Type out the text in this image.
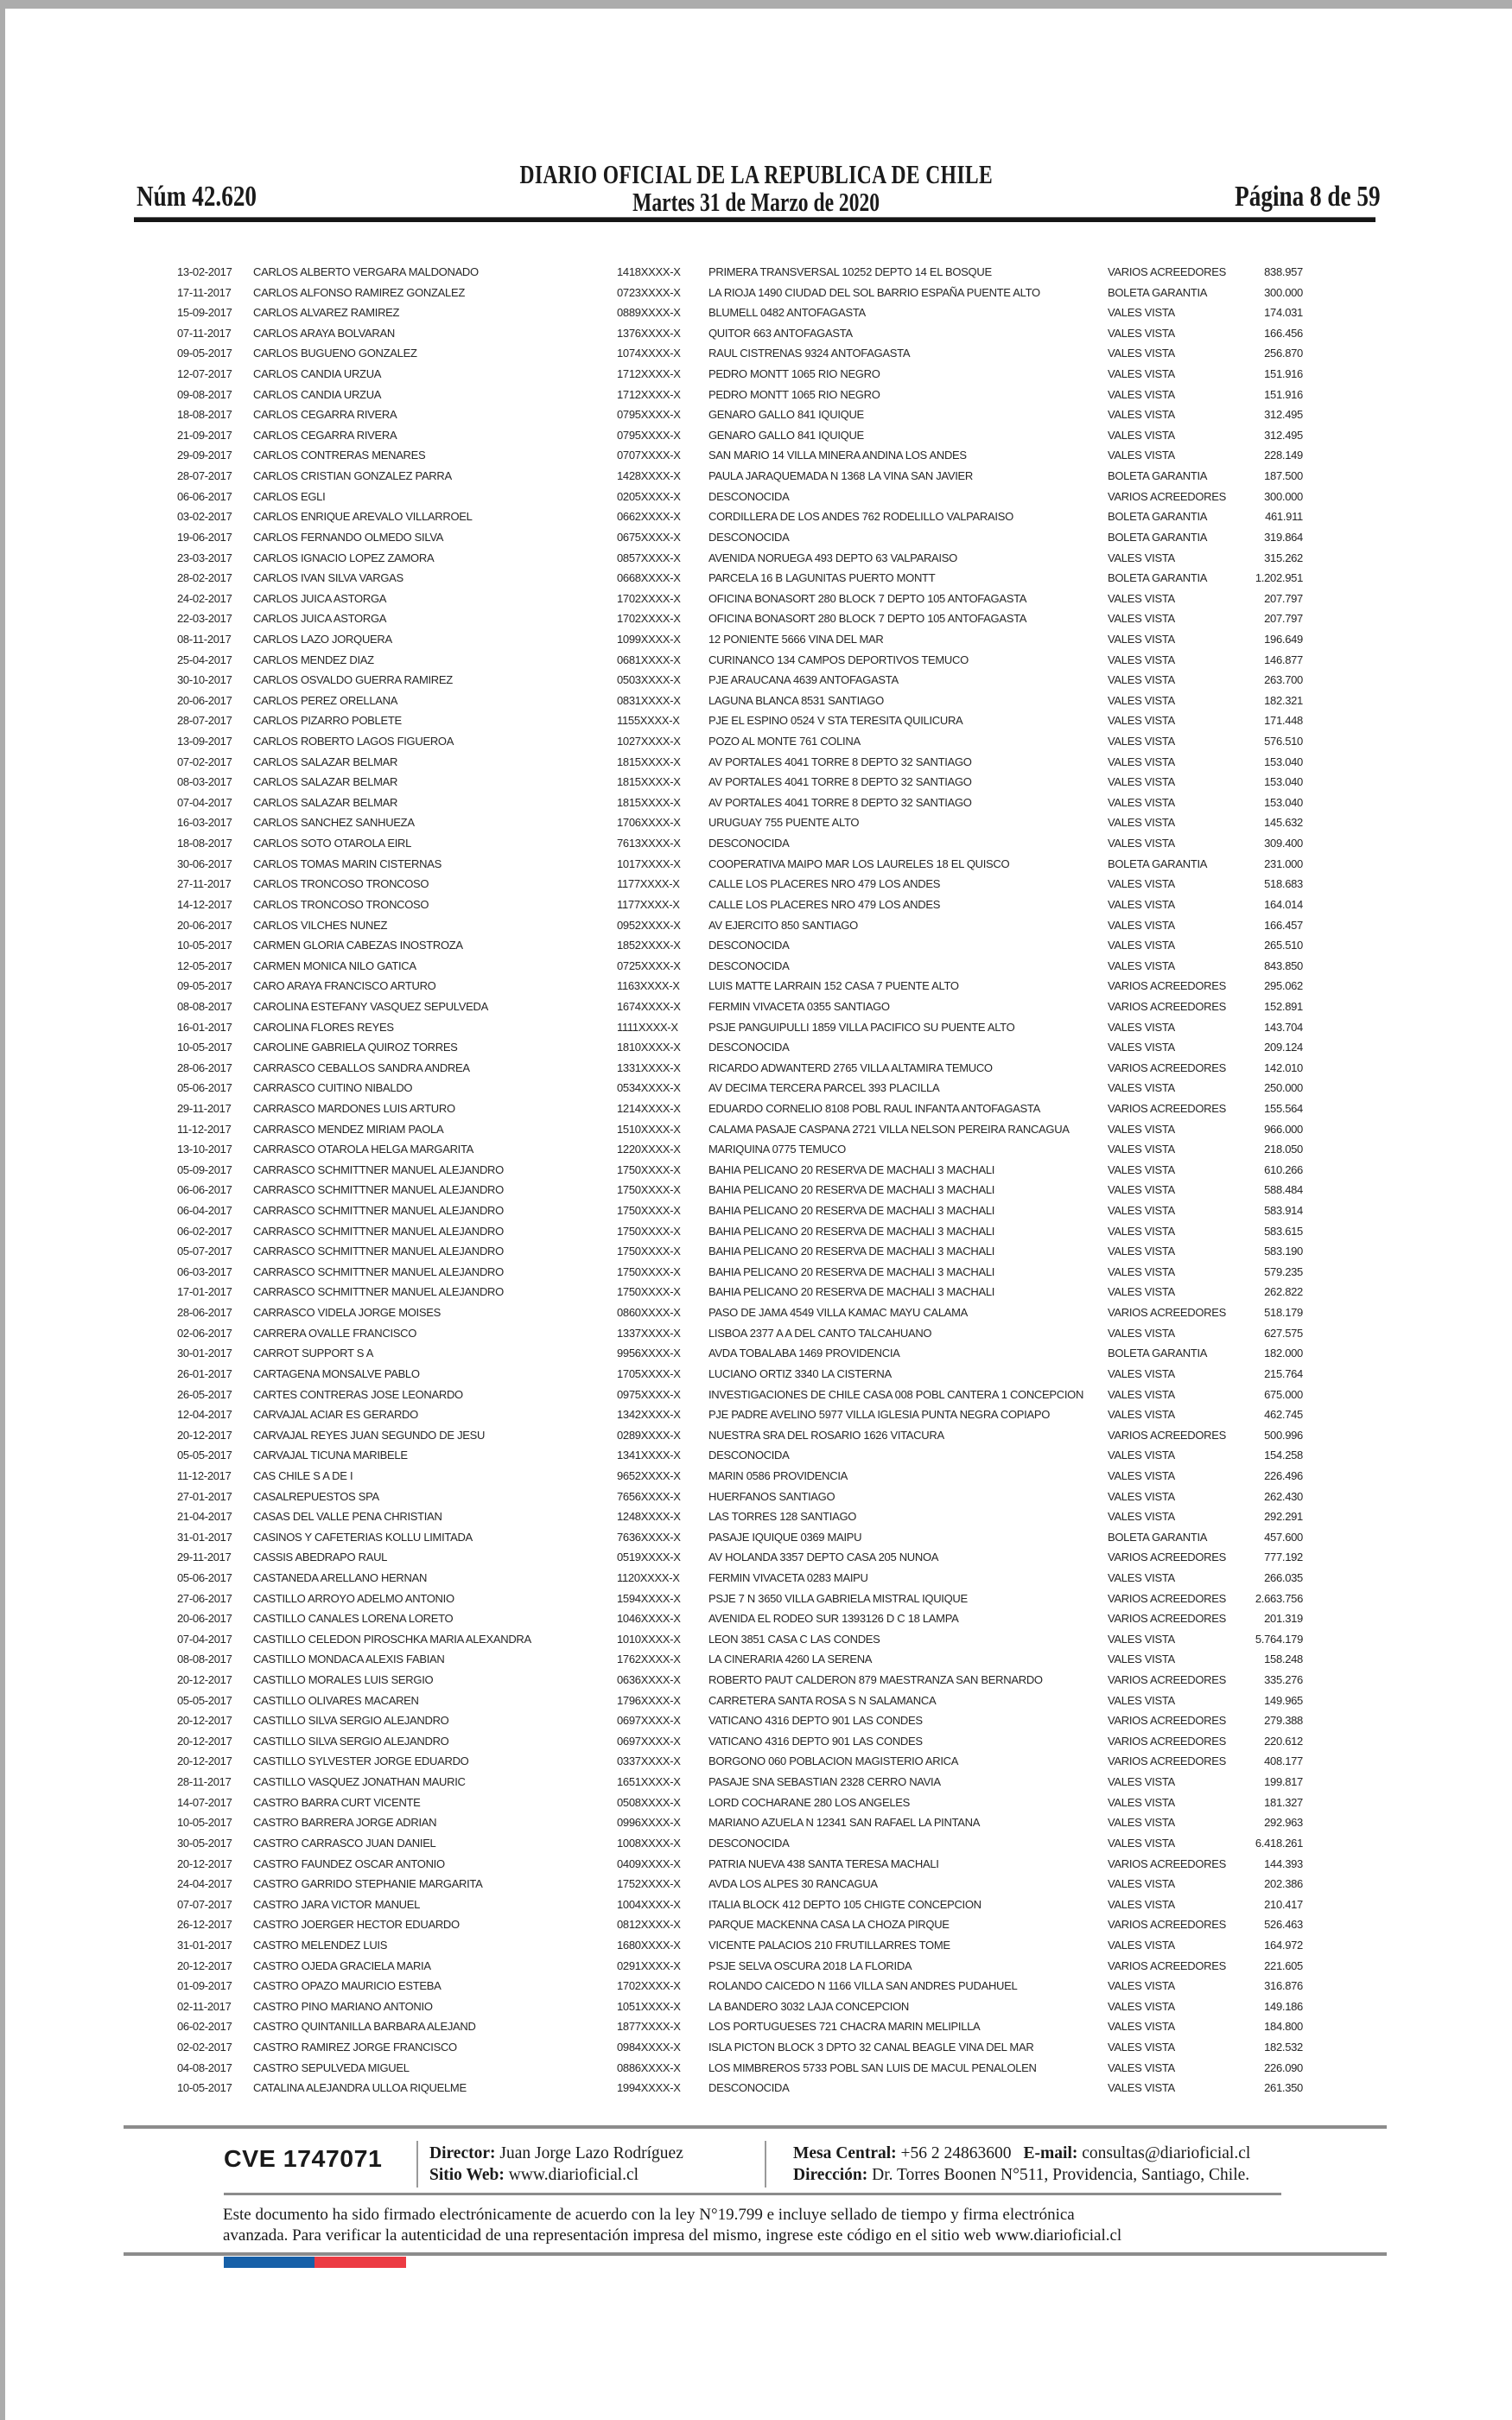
Núm 42.620
DIARIO OFICIAL DE LA REPUBLICA DE CHILE
Martes 31 de Marzo de 2020	Página 8 de 59
13-02-2017	CARLOS ALBERTO VERGARA MALDONADO	1418XXXX-X	PRIMERA TRANSVERSAL 10252 DEPTO 14 EL BOSQUE	VARIOS ACREEDORES	838.957
17-11-2017	CARLOS ALFONSO RAMIREZ GONZALEZ	0723XXXX-X	LA RIOJA 1490 CIUDAD DEL SOL BARRIO ESPAÑA PUENTE ALTO	BOLETA GARANTIA	300.000
15-09-2017	CARLOS ALVAREZ RAMIREZ	0889XXXX-X	BLUMELL 0482 ANTOFAGASTA	VALES VISTA	174.031
07-11-2017	CARLOS ARAYA BOLVARAN	1376XXXX-X	QUITOR 663 ANTOFAGASTA	VALES VISTA	166.456
09-05-2017	CARLOS BUGUENO GONZALEZ	1074XXXX-X	RAUL CISTRENAS 9324 ANTOFAGASTA	VALES VISTA	256.870
12-07-2017	CARLOS CANDIA URZUA	1712XXXX-X	PEDRO MONTT 1065 RIO NEGRO	VALES VISTA	151.916
09-08-2017	CARLOS CANDIA URZUA	1712XXXX-X	PEDRO MONTT 1065 RIO NEGRO	VALES VISTA	151.916
18-08-2017	CARLOS CEGARRA RIVERA	0795XXXX-X	GENARO GALLO 841 IQUIQUE	VALES VISTA	312.495
21-09-2017	CARLOS CEGARRA RIVERA	0795XXXX-X	GENARO GALLO 841 IQUIQUE	VALES VISTA	312.495
29-09-2017	CARLOS CONTRERAS MENARES	0707XXXX-X	SAN MARIO 14 VILLA MINERA ANDINA LOS ANDES	VALES VISTA	228.149
28-07-2017	CARLOS CRISTIAN GONZALEZ PARRA	1428XXXX-X	PAULA JARAQUEMADA N 1368 LA VINA SAN JAVIER	BOLETA GARANTIA	187.500
06-06-2017	CARLOS EGLI	0205XXXX-X	DESCONOCIDA	VARIOS ACREEDORES	300.000
03-02-2017	CARLOS ENRIQUE AREVALO VILLARROEL	0662XXXX-X	CORDILLERA DE LOS ANDES 762 RODELILLO VALPARAISO	BOLETA GARANTIA	461.911
19-06-2017	CARLOS FERNANDO OLMEDO SILVA	0675XXXX-X	DESCONOCIDA	BOLETA GARANTIA	319.864
23-03-2017	CARLOS IGNACIO LOPEZ ZAMORA	0857XXXX-X	AVENIDA NORUEGA 493 DEPTO 63 VALPARAISO	VALES VISTA	315.262
28-02-2017	CARLOS IVAN SILVA VARGAS	0668XXXX-X	PARCELA 16 B LAGUNITAS PUERTO MONTT	BOLETA GARANTIA	1.202.951
24-02-2017	CARLOS JUICA ASTORGA	1702XXXX-X	OFICINA BONASORT 280 BLOCK 7 DEPTO 105 ANTOFAGASTA	VALES VISTA	207.797
22-03-2017	CARLOS JUICA ASTORGA	1702XXXX-X	OFICINA BONASORT 280 BLOCK 7 DEPTO 105 ANTOFAGASTA	VALES VISTA	207.797
08-11-2017	CARLOS LAZO JORQUERA	1099XXXX-X	12 PONIENTE 5666 VINA DEL MAR	VALES VISTA	196.649
25-04-2017	CARLOS MENDEZ DIAZ	0681XXXX-X	CURINANCO 134 CAMPOS DEPORTIVOS TEMUCO	VALES VISTA	146.877
30-10-2017	CARLOS OSVALDO GUERRA RAMIREZ	0503XXXX-X	PJE ARAUCANA 4639 ANTOFAGASTA	VALES VISTA	263.700
20-06-2017	CARLOS PEREZ ORELLANA	0831XXXX-X	LAGUNA BLANCA 8531 SANTIAGO	VALES VISTA	182.321
28-07-2017	CARLOS PIZARRO POBLETE	1155XXXX-X	PJE EL ESPINO 0524 V STA TERESITA QUILICURA	VALES VISTA	171.448
13-09-2017	CARLOS ROBERTO LAGOS FIGUEROA	1027XXXX-X	POZO AL MONTE 761 COLINA	VALES VISTA	576.510
07-02-2017	CARLOS SALAZAR BELMAR	1815XXXX-X	AV PORTALES 4041 TORRE 8 DEPTO 32 SANTIAGO	VALES VISTA	153.040
08-03-2017	CARLOS SALAZAR BELMAR	1815XXXX-X	AV PORTALES 4041 TORRE 8 DEPTO 32 SANTIAGO	VALES VISTA	153.040
07-04-2017	CARLOS SALAZAR BELMAR	1815XXXX-X	AV PORTALES 4041 TORRE 8 DEPTO 32 SANTIAGO	VALES VISTA	153.040
16-03-2017	CARLOS SANCHEZ SANHUEZA	1706XXXX-X	URUGUAY 755 PUENTE ALTO	VALES VISTA	145.632
18-08-2017	CARLOS SOTO OTAROLA EIRL	7613XXXX-X	DESCONOCIDA	VALES VISTA	309.400
30-06-2017	CARLOS TOMAS MARIN CISTERNAS	1017XXXX-X	COOPERATIVA MAIPO MAR LOS LAURELES 18 EL QUISCO	BOLETA GARANTIA	231.000
27-11-2017	CARLOS TRONCOSO TRONCOSO	1177XXXX-X	CALLE LOS PLACERES NRO 479 LOS ANDES	VALES VISTA	518.683
14-12-2017	CARLOS TRONCOSO TRONCOSO	1177XXXX-X	CALLE LOS PLACERES NRO 479 LOS ANDES	VALES VISTA	164.014
20-06-2017	CARLOS VILCHES NUNEZ	0952XXXX-X	AV EJERCITO 850 SANTIAGO	VALES VISTA	166.457
10-05-2017	CARMEN GLORIA CABEZAS INOSTROZA	1852XXXX-X	DESCONOCIDA	VALES VISTA	265.510
12-05-2017	CARMEN MONICA NILO GATICA	0725XXXX-X	DESCONOCIDA	VALES VISTA	843.850
09-05-2017	CARO ARAYA FRANCISCO ARTURO	1163XXXX-X	LUIS MATTE LARRAIN 152 CASA 7 PUENTE ALTO	VARIOS ACREEDORES	295.062
08-08-2017	CAROLINA ESTEFANY VASQUEZ SEPULVEDA	1674XXXX-X	FERMIN VIVACETA 0355 SANTIAGO	VARIOS ACREEDORES	152.891
16-01-2017	CAROLINA FLORES REYES	1111XXXX-X	PSJE PANGUIPULLI 1859 VILLA PACIFICO SU PUENTE ALTO	VALES VISTA	143.704
10-05-2017	CAROLINE GABRIELA QUIROZ TORRES	1810XXXX-X	DESCONOCIDA	VALES VISTA	209.124
28-06-2017	CARRASCO CEBALLOS SANDRA ANDREA	1331XXXX-X	RICARDO ADWANTERD 2765 VILLA ALTAMIRA TEMUCO	VARIOS ACREEDORES	142.010
05-06-2017	CARRASCO CUITINO NIBALDO	0534XXXX-X	AV DECIMA TERCERA PARCEL 393 PLACILLA	VALES VISTA	250.000
29-11-2017	CARRASCO MARDONES LUIS ARTURO	1214XXXX-X	EDUARDO CORNELIO 8108 POBL RAUL INFANTA ANTOFAGASTA	VARIOS ACREEDORES	155.564
11-12-2017	CARRASCO MENDEZ MIRIAM PAOLA	1510XXXX-X	CALAMA PASAJE CASPANA 2721 VILLA NELSON PEREIRA RANCAGUA	VALES VISTA	966.000
13-10-2017	CARRASCO OTAROLA HELGA MARGARITA	1220XXXX-X	MARIQUINA 0775 TEMUCO	VALES VISTA	218.050
05-09-2017	CARRASCO SCHMITTNER MANUEL ALEJANDRO	1750XXXX-X	BAHIA PELICANO 20 RESERVA DE MACHALI 3 MACHALI	VALES VISTA	610.266
06-06-2017	CARRASCO SCHMITTNER MANUEL ALEJANDRO	1750XXXX-X	BAHIA PELICANO 20 RESERVA DE MACHALI 3 MACHALI	VALES VISTA	588.484
06-04-2017	CARRASCO SCHMITTNER MANUEL ALEJANDRO	1750XXXX-X	BAHIA PELICANO 20 RESERVA DE MACHALI 3 MACHALI	VALES VISTA	583.914
06-02-2017	CARRASCO SCHMITTNER MANUEL ALEJANDRO	1750XXXX-X	BAHIA PELICANO 20 RESERVA DE MACHALI 3 MACHALI	VALES VISTA	583.615
05-07-2017	CARRASCO SCHMITTNER MANUEL ALEJANDRO	1750XXXX-X	BAHIA PELICANO 20 RESERVA DE MACHALI 3 MACHALI	VALES VISTA	583.190
06-03-2017	CARRASCO SCHMITTNER MANUEL ALEJANDRO	1750XXXX-X	BAHIA PELICANO 20 RESERVA DE MACHALI 3 MACHALI	VALES VISTA	579.235
17-01-2017	CARRASCO SCHMITTNER MANUEL ALEJANDRO	1750XXXX-X	BAHIA PELICANO 20 RESERVA DE MACHALI 3 MACHALI	VALES VISTA	262.822
28-06-2017	CARRASCO VIDELA JORGE MOISES	0860XXXX-X	PASO DE JAMA 4549 VILLA KAMAC MAYU CALAMA	VARIOS ACREEDORES	518.179
02-06-2017	CARRERA OVALLE FRANCISCO	1337XXXX-X	LISBOA 2377 A A DEL CANTO TALCAHUANO	VALES VISTA	627.575
30-01-2017	CARROT SUPPORT S A	9956XXXX-X	AVDA TOBALABA 1469 PROVIDENCIA	BOLETA GARANTIA	182.000
26-01-2017	CARTAGENA MONSALVE PABLO	1705XXXX-X	LUCIANO ORTIZ 3340 LA CISTERNA	VALES VISTA	215.764
26-05-2017	CARTES CONTRERAS JOSE LEONARDO	0975XXXX-X	INVESTIGACIONES DE CHILE CASA 008 POBL CANTERA 1 CONCEPCION	VALES VISTA	675.000
12-04-2017	CARVAJAL ACIAR ES GERARDO	1342XXXX-X	PJE PADRE AVELINO 5977 VILLA IGLESIA PUNTA NEGRA COPIAPO	VALES VISTA	462.745
20-12-2017	CARVAJAL REYES JUAN SEGUNDO DE JESU	0289XXXX-X	NUESTRA SRA DEL ROSARIO 1626 VITACURA	VARIOS ACREEDORES	500.996
05-05-2017	CARVAJAL TICUNA MARIBELE	1341XXXX-X	DESCONOCIDA	VALES VISTA	154.258
11-12-2017	CAS CHILE S A DE I	9652XXXX-X	MARIN 0586 PROVIDENCIA	VALES VISTA	226.496
27-01-2017	CASALREPUESTOS SPA	7656XXXX-X	HUERFANOS SANTIAGO	VALES VISTA	262.430
21-04-2017	CASAS DEL VALLE PENA CHRISTIAN	1248XXXX-X	LAS TORRES 128 SANTIAGO	VALES VISTA	292.291
31-01-2017	CASINOS Y CAFETERIAS KOLLU LIMITADA	7636XXXX-X	PASAJE IQUIQUE 0369 MAIPU	BOLETA GARANTIA	457.600
29-11-2017	CASSIS ABEDRAPO RAUL	0519XXXX-X	AV HOLANDA 3357 DEPTO CASA 205 NUNOA	VARIOS ACREEDORES	777.192
05-06-2017	CASTANEDA ARELLANO HERNAN	1120XXXX-X	FERMIN VIVACETA 0283 MAIPU	VALES VISTA	266.035
27-06-2017	CASTILLO ARROYO ADELMO ANTONIO	1594XXXX-X	PSJE 7 N 3650 VILLA GABRIELA MISTRAL IQUIQUE	VARIOS ACREEDORES	2.663.756
20-06-2017	CASTILLO CANALES LORENA LORETO	1046XXXX-X	AVENIDA EL RODEO SUR 1393126 D C 18 LAMPA	VARIOS ACREEDORES	201.319
07-04-2017	CASTILLO CELEDON PIROSCHKA MARIA ALEXANDRA	1010XXXX-X	LEON 3851 CASA C LAS CONDES	VALES VISTA	5.764.179
08-08-2017	CASTILLO MONDACA ALEXIS FABIAN	1762XXXX-X	LA CINERARIA 4260 LA SERENA	VALES VISTA	158.248
20-12-2017	CASTILLO MORALES LUIS SERGIO	0636XXXX-X	ROBERTO PAUT CALDERON 879 MAESTRANZA SAN BERNARDO	VARIOS ACREEDORES	335.276
05-05-2017	CASTILLO OLIVARES MACAREN	1796XXXX-X	CARRETERA SANTA ROSA S N SALAMANCA	VALES VISTA	149.965
20-12-2017	CASTILLO SILVA SERGIO ALEJANDRO	0697XXXX-X	VATICANO 4316 DEPTO 901 LAS CONDES	VARIOS ACREEDORES	279.388
20-12-2017	CASTILLO SILVA SERGIO ALEJANDRO	0697XXXX-X	VATICANO 4316 DEPTO 901 LAS CONDES	VARIOS ACREEDORES	220.612
20-12-2017	CASTILLO SYLVESTER JORGE EDUARDO	0337XXXX-X	BORGONO 060 POBLACION MAGISTERIO ARICA	VARIOS ACREEDORES	408.177
28-11-2017	CASTILLO VASQUEZ JONATHAN MAURIC	1651XXXX-X	PASAJE SNA SEBASTIAN 2328 CERRO NAVIA	VALES VISTA	199.817
14-07-2017	CASTRO BARRA CURT VICENTE	0508XXXX-X	LORD COCHARANE 280 LOS ANGELES	VALES VISTA	181.327
10-05-2017	CASTRO BARRERA JORGE ADRIAN	0996XXXX-X	MARIANO AZUELA N 12341 SAN RAFAEL LA PINTANA	VALES VISTA	292.963
30-05-2017	CASTRO CARRASCO JUAN DANIEL	1008XXXX-X	DESCONOCIDA	VALES VISTA	6.418.261
20-12-2017	CASTRO FAUNDEZ OSCAR ANTONIO	0409XXXX-X	PATRIA NUEVA 438 SANTA TERESA MACHALI	VARIOS ACREEDORES	144.393
24-04-2017	CASTRO GARRIDO STEPHANIE MARGARITA	1752XXXX-X	AVDA LOS ALPES 30 RANCAGUA	VALES VISTA	202.386
07-07-2017	CASTRO JARA VICTOR MANUEL	1004XXXX-X	ITALIA BLOCK 412 DEPTO 105 CHIGTE CONCEPCION	VALES VISTA	210.417
26-12-2017	CASTRO JOERGER HECTOR EDUARDO	0812XXXX-X	PARQUE MACKENNA CASA LA CHOZA PIRQUE	VARIOS ACREEDORES	526.463
31-01-2017	CASTRO MELENDEZ LUIS	1680XXXX-X	VICENTE PALACIOS 210 FRUTILLARRES TOME	VALES VISTA	164.972
20-12-2017	CASTRO OJEDA GRACIELA MARIA	0291XXXX-X	PSJE SELVA OSCURA 2018 LA FLORIDA	VARIOS ACREEDORES	221.605
01-09-2017	CASTRO OPAZO MAURICIO ESTEBA	1702XXXX-X	ROLANDO CAICEDO N 1166 VILLA SAN ANDRES PUDAHUEL	VALES VISTA	316.876
02-11-2017	CASTRO PINO MARIANO ANTONIO	1051XXXX-X	LA BANDERO 3032 LAJA CONCEPCION	VALES VISTA	149.186
06-02-2017	CASTRO QUINTANILLA BARBARA ALEJAND	1877XXXX-X	LOS PORTUGUESES 721 CHACRA MARIN MELIPILLA	VALES VISTA	184.800
02-02-2017	CASTRO RAMIREZ JORGE FRANCISCO	0984XXXX-X	ISLA PICTON BLOCK 3 DPTO 32 CANAL BEAGLE VINA DEL MAR	VALES VISTA	182.532
04-08-2017	CASTRO SEPULVEDA MIGUEL	0886XXXX-X	LOS MIMBREROS 5733 POBL SAN LUIS DE MACUL PENALOLEN	VALES VISTA	226.090
10-05-2017	CATALINA ALEJANDRA ULLOA RIQUELME	1994XXXX-X	DESCONOCIDA	VALES VISTA	261.350
CVE 1747071	Director: Juan Jorge Lazo Rodríguez
Sitio Web: www.diarioficial.cl
Mesa Central: +56 2 24863600 E-mail: consultas@diarioficial.cl
Dirección: Dr. Torres Boonen N°511, Providencia, Santiago, Chile.
Este documento ha sido firmado electrónicamente de acuerdo con la ley N°19.799 e incluye sellado de tiempo y firma electrónica
avanzada. Para verificar la autenticidad de una representación impresa del mismo, ingrese este código en el sitio web www.diarioficial.cl
